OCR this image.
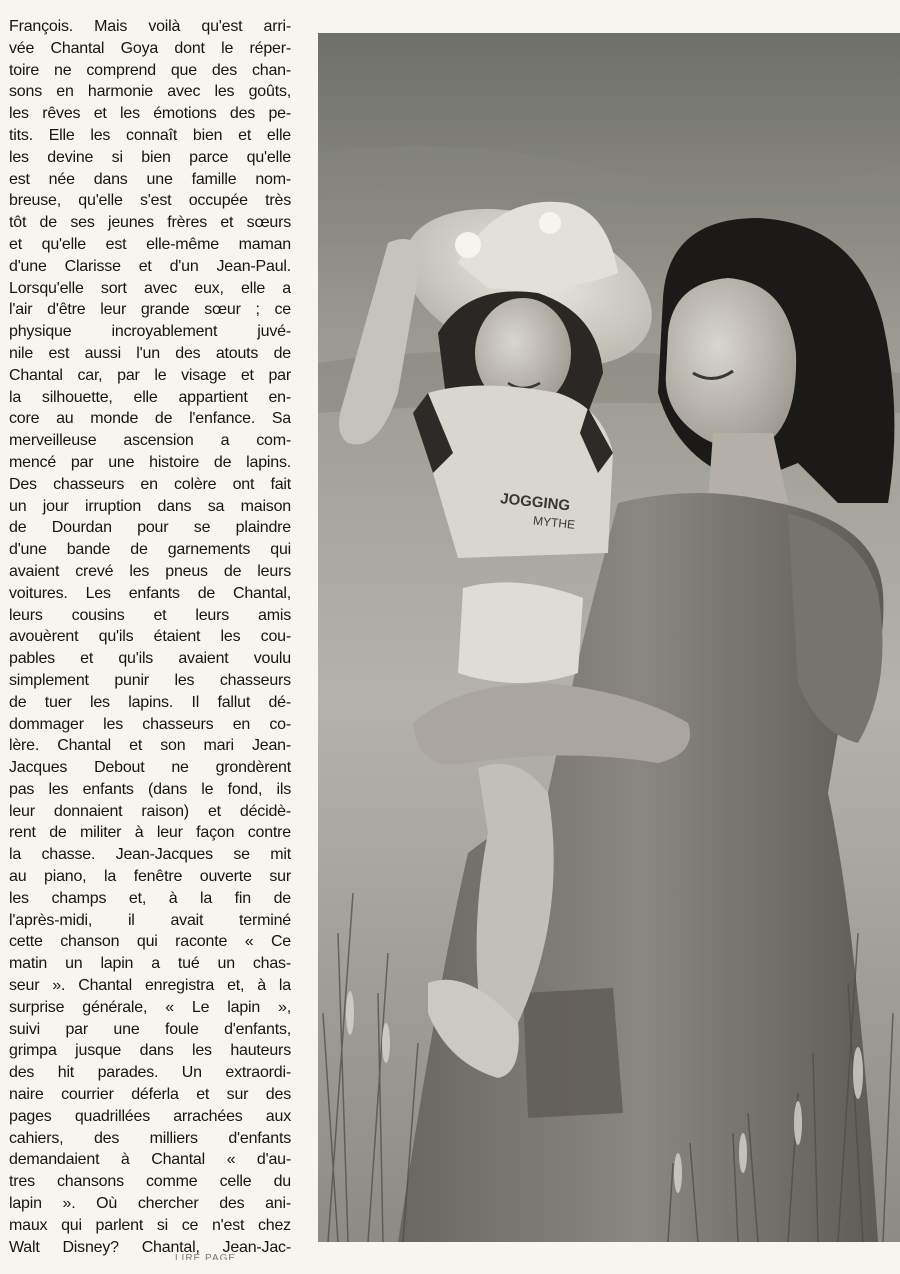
François. Mais voilà qu'est arri-
vée Chantal Goya dont le réper-
toire ne comprend que des chan-
sons en harmonie avec les goûts,
les rêves et les émotions des pe-
tits. Elle les connaît bien et elle
les devine si bien parce qu'elle
est née dans une famille nom-
breuse, qu'elle s'est occupée très
tôt de ses jeunes frères et sœurs
et qu'elle est elle-même maman
d'une Clarisse et d'un Jean-Paul.
Lorsqu'elle sort avec eux, elle a
l'air d'être leur grande sœur ; ce
physique incroyablement juvé-
nile est aussi l'un des atouts de
Chantal car, par le visage et par
la silhouette, elle appartient en-
core au monde de l'enfance. Sa
merveilleuse ascension a com-
mencé par une histoire de lapins.
Des chasseurs en colère ont fait
un jour irruption dans sa maison
de Dourdan pour se plaindre
d'une bande de garnements qui
avaient crevé les pneus de leurs
voitures. Les enfants de Chantal,
leurs cousins et leurs amis
avouèrent qu'ils étaient les cou-
pables et qu'ils avaient voulu
simplement punir les chasseurs
de tuer les lapins. Il fallut dé-
dommager les chasseurs en co-
lère. Chantal et son mari Jean-
Jacques Debout ne grondèrent
pas les enfants (dans le fond, ils
leur donnaient raison) et décidè-
rent de militer à leur façon contre
la chasse. Jean-Jacques se mit
au piano, la fenêtre ouverte sur
les champs et, à la fin de
l'après-midi, il avait terminé
cette chanson qui raconte « Ce
matin un lapin a tué un chas-
seur ». Chantal enregistra et, à la
surprise générale, « Le lapin »,
suivi par une foule d'enfants,
grimpa jusque dans les hauteurs
des hit parades. Un extraordi-
naire courrier déferla et sur des
pages quadrillées arrachées aux
cahiers, des milliers d'enfants
demandaient à Chantal « d'au-
tres chansons comme celle du
lapin ». Où chercher des ani-
maux qui parlent si ce n'est chez
Walt Disney? Chantal, Jean-Jac-
JOGGING
MYTHE
LIRE PAGE
